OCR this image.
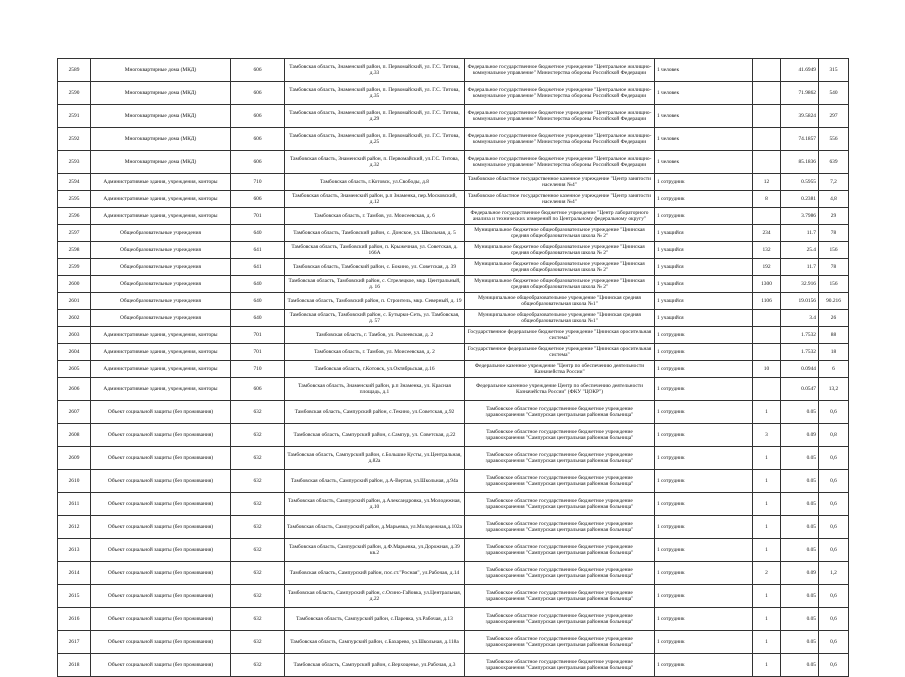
2589	Многоквартирные дома (МКД)	606	Тамбовская область, Знаменский район, п. Первомайский, ул. Г.С. Титова, д.33	Федеральное государственное бюджетное учреждение "Центральное жилищно-коммунальное управление" Министерства обороны Российской Федерации	1 человек		41.6949	315
2590	Многоквартирные дома (МКД)	606	Тамбовская область, Знаменский район, п. Первомайский, ул. Г.С. Титова, д.35	Федеральное государственное бюджетное учреждение "Центральное жилищно-коммунальное управление" Министерства обороны Российской Федерации	1 человек		71.9862	540
2591	Многоквартирные дома (МКД)	606	Тамбовская область, Знаменский район, п. Первомайский, ул. Г.С. Титова, д.29	Федеральное государственное бюджетное учреждение "Центральное жилищно-коммунальное управление" Министерства обороны Российской Федерации	1 человек		39.5824	297
2592	Многоквартирные дома (МКД)	606	Тамбовская область, Знаменский район, п. Первомайский, ул. Г.С. Титова, д.25	Федеральное государственное бюджетное учреждение "Центральное жилищно-коммунальное управление" Министерства обороны Российской Федерации	1 человек		74.1857	556
2593	Многоквартирные дома (МКД)	606	Тамбовская область, Знаменский район, п. Первомайский, ул.Г.С. Титова, д.32	Федеральное государственное бюджетное учреждение "Центральное жилищно-коммунальное управление" Министерства обороны Российской Федерации	1 человек		85.1836	639
2594	Административные здания, учреждения, конторы	710	Тамбовская область, г.Котовск, ул.Свободы, д.8	Тамбовское областное государственное казенное учреждение "Центр занятости населения №4"	1 сотрудник	12	0.5955	7,2
2595	Административные здания, учреждения, конторы	606	Тамбовская область, Знаменский район, р.п Знаменка, пер.Московский, д.12	Тамбовское областное государственное казенное учреждение "Центр занятости населения №4"	1 сотрудник	8	0.2381	4,8
2596	Административные здания, учреждения, конторы	701	Тамбовская область, г. Тамбов, ул. Моисеевская, д. 6	Федеральное государственное бюджетное учреждение "Центр лабораторного анализа и технических измерений по Центральному федеральному округу"	1 сотрудник		3.7986	29
2597	Общеобразовательные учреждения	640	Тамбовская область, Тамбовский район, с. Донское, ул. Школьная, д. 5	Муниципальное бюджетное общеобразовательное учреждение "Цнинская средняя общеобразовательная школа № 2"	1 учащийся	234	11.7	78
2598	Общеобразовательные учреждения	641	Тамбовская область, Тамбовский район, п. Крыжечная, ул. Советская, д. 166А	Муниципальное бюджетное общеобразовательное учреждение "Цнинская средняя общеобразовательная школа № 2"	1 учащийся	132	25.4	156
2599	Общеобразовательные учреждения	641	Тамбовская область, Тамбовский район, с. Бокино, ул. Советская, д. 39	Муниципальное бюджетное общеобразовательное учреждение "Цнинская средняя общеобразовательная школа № 2"	1 учащийся	192	11.7	78
2600	Общеобразовательные учреждения	640	Тамбовская область, Тамбовский район, с. Стрелецкое, мкр. Центральный, д. 16	Муниципальное бюджетное общеобразовательное учреждение "Цнинская средняя общеобразовательная школа № 2"	1 учащийся	1300	32.916	156
2601	Общеобразовательные учреждения	640	Тамбовская область, Тамбовский район, п. Строитель, мкр. Северный, д. 19	Муниципальное общеобразовательное учреждение "Цнинская средняя общеобразовательная школа №1"	1 учащийся	1106	19.0156	90.216
2602	Общеобразовательные учреждения	640	Тамбовская область, Тамбовский район, с. Бутырки-Сеть, ул. Тамбовская, д. 57	Муниципальное общеобразовательное учреждение "Цнинская средняя общеобразовательная школа №1"	1 учащийся		3.4	26
2603	Административные здания, учреждения, конторы	701	Тамбовская область, г. Тамбов, ул. Рылеевская, д. 2	Государственное федеральное бюджетное учреждение "Цнинская оросительная система"	1 сотрудник		1.7532	88
2604	Административные здания, учреждения, конторы	701	Тамбовская область, г. Тамбов, ул. Моисеевская, д. 2	Государственное федеральное бюджетное учреждение "Цнинская оросительная система"	1 сотрудник		1.7532	18
2605	Административные здания, учреждения, конторы	710	Тамбовская область, г.Котовск, ул.Октябрьская, д.16	Федеральное казенное учреждение "Центр по обеспечению деятельности Казначейства России"	1 сотрудник	10	0.0944	6
2606	Административные здания, учреждения, конторы	606	Тамбовская область, Знаменский район, р.п Знаменка, ул. Красная площадь, д.1	Федеральное казенное учреждение Центр по обеспечению деятельности Казначейства России" (ФКУ "ЦОКР")	1 сотрудник		0.0547	13,2
2607	Объект социальной защиты (без проживания)	632	Тамбовская область, Сампурский район, с.Текино, ул.Советская, д.92	Тамбовское областное государственное бюджетное учреждение здравоохранения "Сампурская центральная районная больница"	1 сотрудник	1	0.05	0,6
2608	Объект социальной защиты (без проживания)	632	Тамбовская область, Сампурский район, с.Сампур, ул. Советская, д.22	Тамбовское областное государственное бюджетное учреждение здравоохранения "Сампурская центральная районная больница"	1 сотрудник	3	0.09	0,8
2609	Объект социальной защиты (без проживания)	632	Тамбовская область, Сампурский район, с.Большие Кусты, ул.Центральная, д.82а	Тамбовское областное государственное бюджетное учреждение здравоохранения "Сампурская центральная районная больница"	1 сотрудник	1	0.05	0,6
2610	Объект социальной защиты (без проживания)	632	Тамбовская область, Сампурский район, д.А-Вертая, ул.Школьная, д.94а	Тамбовское областное государственное бюджетное учреждение здравоохранения "Сампурская центральная районная больница"	1 сотрудник	1	0.05	0,6
2611	Объект социальной защиты (без проживания)	632	Тамбовская область, Сампурский район, д.Александровка, ул.Молодежная, д.10	Тамбовское областное государственное бюджетное учреждение здравоохранения "Сампурская центральная районная больница"	1 сотрудник	1	0.05	0,6
2612	Объект социальной защиты (без проживания)	632	Тамбовская область, Сампурский район, д.Марьевка, ул.Молодежная,д.102а	Тамбовское областное государственное бюджетное учреждение здравоохранения "Сампурская центральная районная больница"	1 сотрудник	1	0.05	0,6
2613	Объект социальной защиты (без проживания)	632	Тамбовская область, Сампурский район, д.Ф.Марьевка, ул.Дорожная, д.39 кв.2	Тамбовское областное государственное бюджетное учреждение здравоохранения "Сампурская центральная районная больница"	1 сотрудник	1	0.05	0,6
2614	Объект социальной защиты (без проживания)	632	Тамбовская область, Сампурский район, пос.ст."Росная", ул.Рабочая, д.14	Тамбовское областное государственное бюджетное учреждение здравоохранения "Сампурская центральная районная больница"	1 сотрудник	2	0.09	1,2
2615	Объект социальной защиты (без проживания)	632	Тамбовская область, Сампурский район, с.Осино-Гайовка, ул.Центральная, д.22	Тамбовское областное государственное бюджетное учреждение здравоохранения "Сампурская центральная районная больница"	1 сотрудник	1	0.05	0,6
2616	Объект социальной защиты (без проживания)	632	Тамбовская область, Сампурский район, с.Паревка, ул.Рабочая, д.13	Тамбовское областное государственное бюджетное учреждение здравоохранения "Сампурская центральная районная больница"	1 сотрудник	1	0.05	0,6
2617	Объект социальной защиты (без проживания)	632	Тамбовская область, Сампурский район, с.Бахарево, ул.Школьная, д.118а	Тамбовское областное государственное бюджетное учреждение здравоохранения "Сампурская центральная районная больница"	1 сотрудник	1	0.05	0,6
2618	Объект социальной защиты (без проживания)	632	Тамбовская область, Сампурский район, с.Верхоценье, ул.Рабочая, д.3	Тамбовское областное государственное бюджетное учреждение здравоохранения "Сампурская центральная районная больница"	1 сотрудник	1	0.05	0,6
